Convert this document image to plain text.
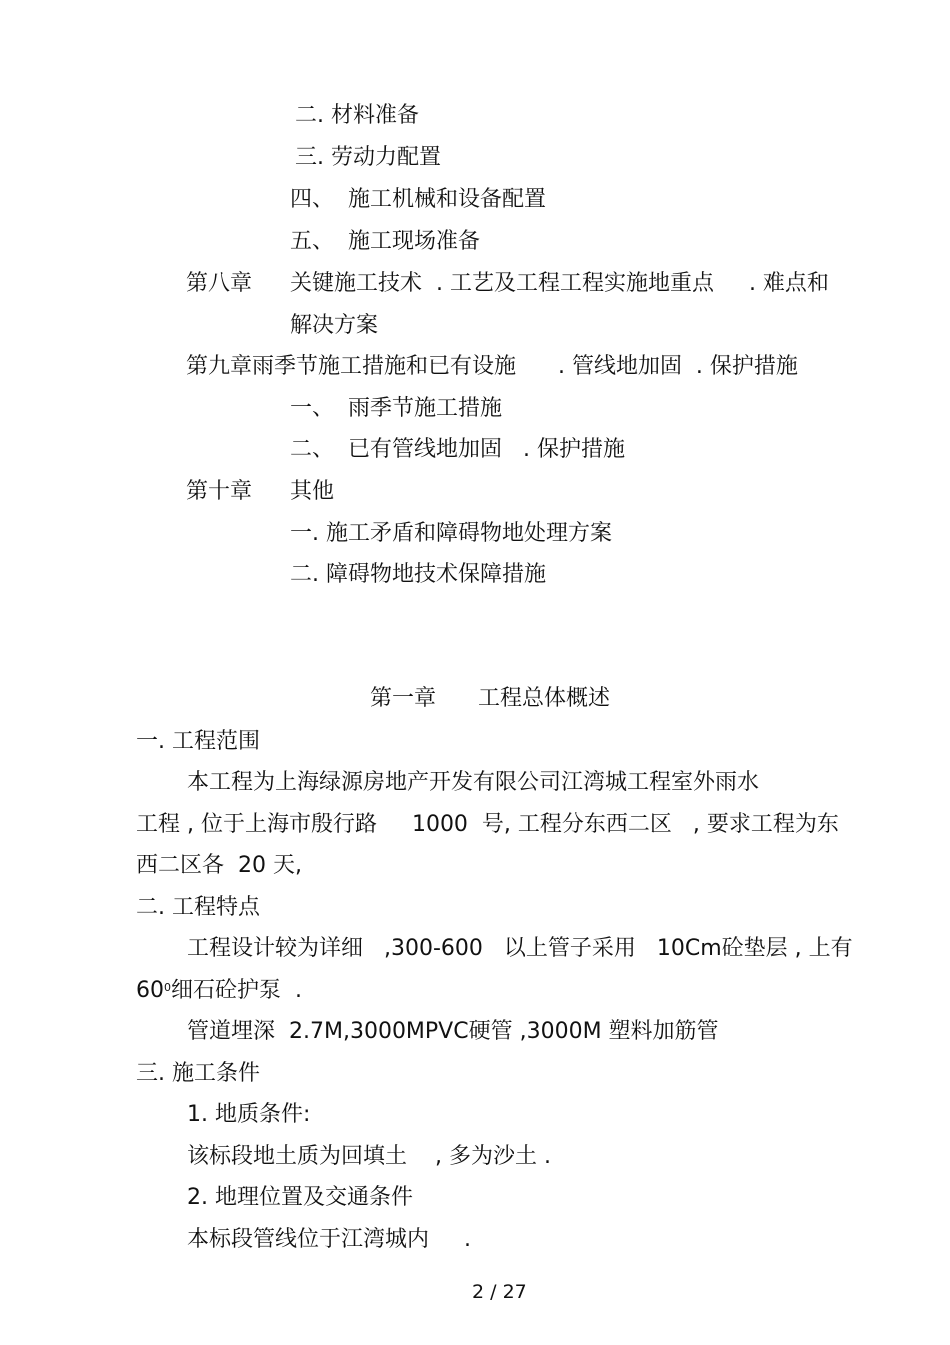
二. 材料准备
三. 劳动力配置
四、  施工机械和设备配置
五、  施工现场准备
第八章 关键施工技术  . 工艺及工程工程实施地重点     . 难点和
解决方案
第九章雨季节施工措施和已有设施      . 管线地加固  . 保护措施
一、  雨季节施工措施
二、  已有管线地加固   . 保护措施
第十章 其他
一. 施工矛盾和障碍物地处理方案
二. 障碍物地技术保障措施
第一章      工程总体概述
一. 工程范围
本工程为上海绿源房地产开发有限公司江湾城工程室外雨水
工程 , 位于上海市殷行路     1000  号, 工程分东西二区   , 要求工程为东
西二区各  20 天,
二. 工程特点
工程设计较为详细   ,300-600   以上管子采用   10Cm砼垫层 , 上有
$60^0$细石砼护泵  .
管道埋深  2.7M,3000MPVC硬管 ,3000M 塑料加筋管
三. 施工条件
1. 地质条件:
该标段地土质为回填土    , 多为沙土 .
2. 地理位置及交通条件
本标段管线位于江湾城内     .
2 / 27
